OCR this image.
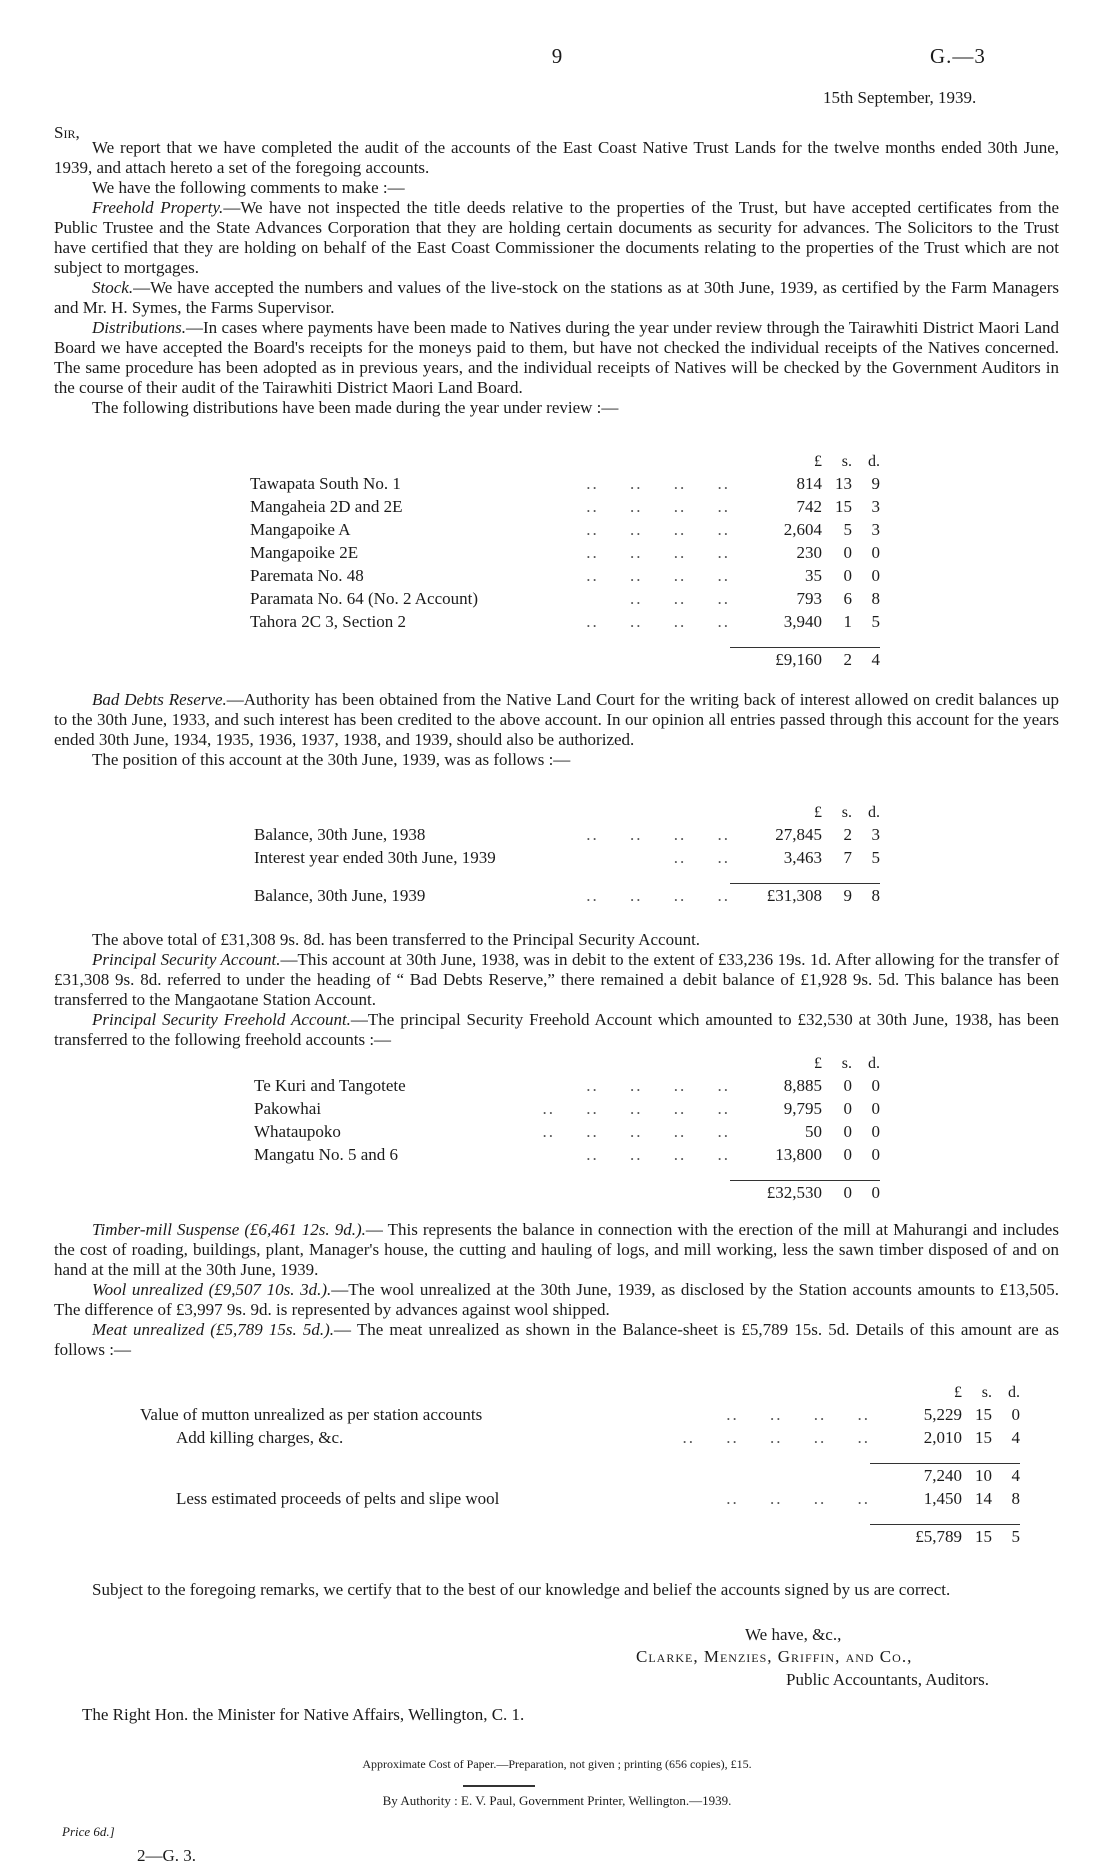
9	G.—3
15th September, 1939.
Sir,

We report that we have completed the audit of the accounts of the East Coast Native Trust Lands for the twelve months ended 30th June, 1939, and attach hereto a set of the foregoing accounts.

We have the following comments to make :—

Freehold Property.—We have not inspected the title deeds relative to the properties of the Trust, but have accepted certificates from the Public Trustee and the State Advances Corporation that they are holding certain documents as security for advances. The Solicitors to the Trust have certified that they are holding on behalf of the East Coast Commissioner the documents relating to the properties of the Trust which are not subject to mortgages.

Stock.—We have accepted the numbers and values of the live-stock on the stations as at 30th June, 1939, as certified by the Farm Managers and Mr. H. Symes, the Farms Supervisor.

Distributions.—In cases where payments have been made to Natives during the year under review through the Tairawhiti District Maori Land Board we have accepted the Board's receipts for the moneys paid to them, but have not checked the individual receipts of the Natives concerned. The same procedure has been adopted as in previous years, and the individual receipts of Natives will be checked by the Government Auditors in the course of their audit of the Tairawhiti District Maori Land Board.

The following distributions have been made during the year under review :—

		£	s.	d.
Tawapata South No. 1	..     ..     ..     ..	814	13	9
Mangaheia 2D and 2E	..     ..     ..     ..	742	15	3
Mangapoike A	..     ..     ..     ..	2,604	5	3
Mangapoike 2E	..     ..     ..     ..	230	0	0
Paremata No. 48	..     ..     ..     ..	35	0	0
Paramata No. 64 (No. 2 Account)	..     ..     ..	793	6	8
Tahora 2C 3, Section 2	..     ..     ..     ..	3,940	1	5

		£9,160	2	4

Bad Debts Reserve.—Authority has been obtained from the Native Land Court for the writing back of interest allowed on credit balances up to the 30th June, 1933, and such interest has been credited to the above account. In our opinion all entries passed through this account for the years ended 30th June, 1934, 1935, 1936, 1937, 1938, and 1939, should also be authorized.

The position of this account at the 30th June, 1939, was as follows :—

		£	s.	d.
Balance, 30th June, 1938	..     ..     ..     ..	27,845	2	3
Interest year ended 30th June, 1939	..     ..	3,463	7	5

Balance, 30th June, 1939	..     ..     ..     ..	£31,308	9	8

The above total of £31,308 9s. 8d. has been transferred to the Principal Security Account.

Principal Security Account.—This account at 30th June, 1938, was in debit to the extent of £33,236 19s. 1d. After allowing for the transfer of £31,308 9s. 8d. referred to under the heading of “ Bad Debts Reserve,” there remained a debit balance of £1,928 9s. 5d. This balance has been transferred to the Mangaotane Station Account.

Principal Security Freehold Account.—The principal Security Freehold Account which amounted to £32,530 at 30th June, 1938, has been transferred to the following freehold accounts :—

		£	s.	d.
Te Kuri and Tangotete	..     ..     ..     ..	8,885	0	0
Pakowhai	..     ..     ..     ..     ..	9,795	0	0
Whataupoko	..     ..     ..     ..     ..	50	0	0
Mangatu No. 5 and 6	..     ..     ..     ..	13,800	0	0

		£32,530	0	0

Timber-mill Suspense (£6,461 12s. 9d.).— This represents the balance in connection with the erection of the mill at Mahurangi and includes the cost of roading, buildings, plant, Manager's house, the cutting and hauling of logs, and mill working, less the sawn timber disposed of and on hand at the mill at the 30th June, 1939.

Wool unrealized (£9,507 10s. 3d.).—The wool unrealized at the 30th June, 1939, as disclosed by the Station accounts amounts to £13,505. The difference of £3,997 9s. 9d. is represented by advances against wool shipped.

Meat unrealized (£5,789 15s. 5d.).— The meat unrealized as shown in the Balance-sheet is £5,789 15s. 5d. Details of this amount are as follows :—

		£	s.	d.
Value of mutton unrealized as per station accounts	..     ..     ..     ..	5,229	15	0
Add killing charges, &c.	..     ..     ..     ..     ..	2,010	15	4

		7,240	10	4
Less estimated proceeds of pelts and slipe wool	..     ..     ..     ..	1,450	14	8

		£5,789	15	5

Subject to the foregoing remarks, we certify that to the best of our knowledge and belief the accounts signed by us are correct.

We have, &c.,
Clarke, Menzies, Griffin, and Co.,
Public Accountants, Auditors.
The Right Hon. the Minister for Native Affairs, Wellington, C. 1.
Approximate Cost of Paper.—Preparation, not given ; printing (656 copies), £15.
By Authority : E. V. Paul, Government Printer, Wellington.—1939.
Price 6d.]
2—G. 3.
